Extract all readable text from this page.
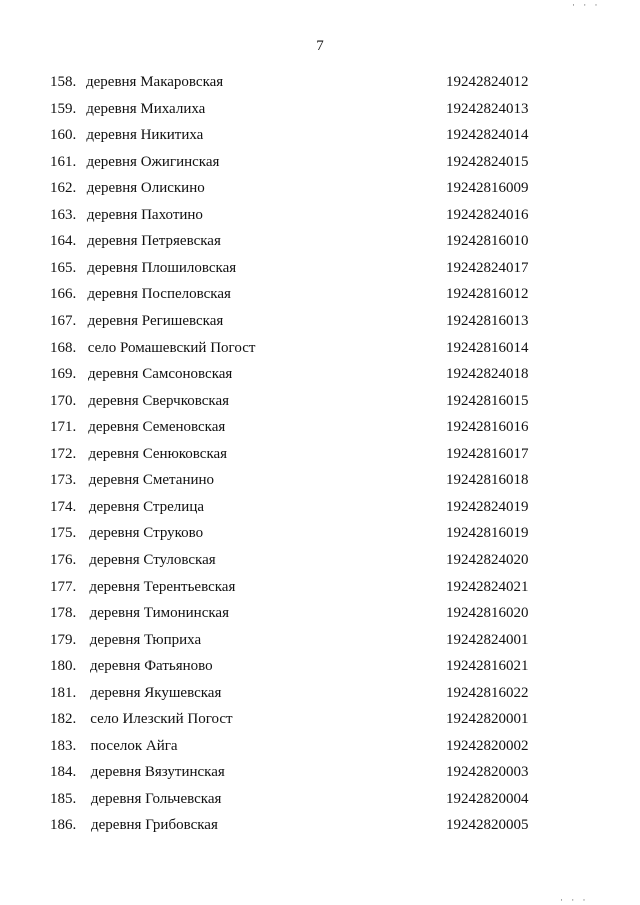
7
158. деревня Макаровская	19242824012
159. деревня Михалиха	19242824013
160. деревня Никитиха	19242824014
161. деревня Ожигинская	19242824015
162. деревня Олискино	19242816009
163. деревня Пахотино	19242824016
164. деревня Петряевская	19242816010
165. деревня Плошиловская	19242824017
166. деревня Поспеловская	19242816012
167. деревня Регишевская	19242816013
168. село Ромашевский Погост	19242816014
169. деревня Самсоновская	19242824018
170. деревня Сверчковская	19242816015
171. деревня Семеновская	19242816016
172. деревня Сенюковская	19242816017
173. деревня Сметанино	19242816018
174. деревня Стрелица	19242824019
175. деревня Струково	19242816019
176. деревня Стуловская	19242824020
177. деревня Терентьевская	19242824021
178. деревня Тимонинская	19242816020
179. деревня Тюприха	19242824001
180. деревня Фатьяново	19242816021
181. деревня Якушевская	19242816022
182. село Илезский Погост	19242820001
183. поселок Айга	19242820002
184. деревня Вязутинская	19242820003
185. деревня Гольчевская	19242820004
186. деревня Грибовская	19242820005
· · ·
· · ·
